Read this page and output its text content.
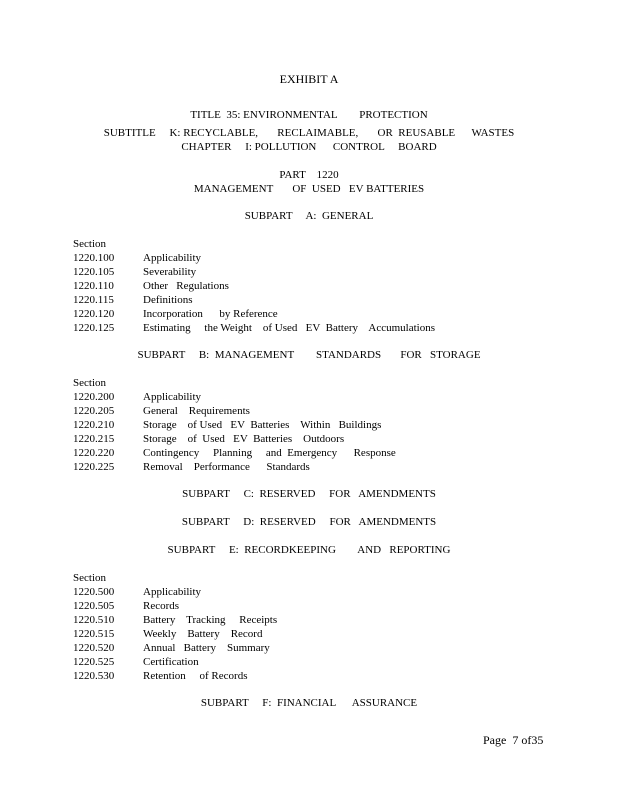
EXHIBIT A
TITLE  35: ENVIRONMENTAL        PROTECTION
SUBTITLE     K: RECYCLABLE,       RECLAIMABLE,       OR  REUSABLE      WASTES
CHAPTER     I: POLLUTION      CONTROL     BOARD
PART    1220
MANAGEMENT       OF  USED   EV BATTERIES
SUBPART     A:  GENERAL
Section
1220.100	Applicability
1220.105	Severability
1220.110	Other   Regulations
1220.115	Definitions
1220.120	Incorporation      by Reference
1220.125	Estimating     the Weight    of Used   EV  Battery    Accumulations
SUBPART     B:  MANAGEMENT        STANDARDS       FOR   STORAGE
Section
1220.200	Applicability
1220.205	General    Requirements
1220.210	Storage    of Used   EV  Batteries    Within   Buildings
1220.215	Storage    of  Used   EV  Batteries    Outdoors
1220.220	Contingency     Planning     and  Emergency      Response
1220.225	Removal    Performance      Standards
SUBPART     C:  RESERVED     FOR   AMENDMENTS
SUBPART     D:  RESERVED     FOR   AMENDMENTS
SUBPART     E:  RECORDKEEPING        AND   REPORTING
Section
1220.500	Applicability
1220.505	Records
1220.510	Battery    Tracking     Receipts
1220.515	Weekly    Battery    Record
1220.520	Annual   Battery    Summary
1220.525	Certification
1220.530	Retention     of Records
SUBPART     F:  FINANCIAL      ASSURANCE
Page  7 of35
